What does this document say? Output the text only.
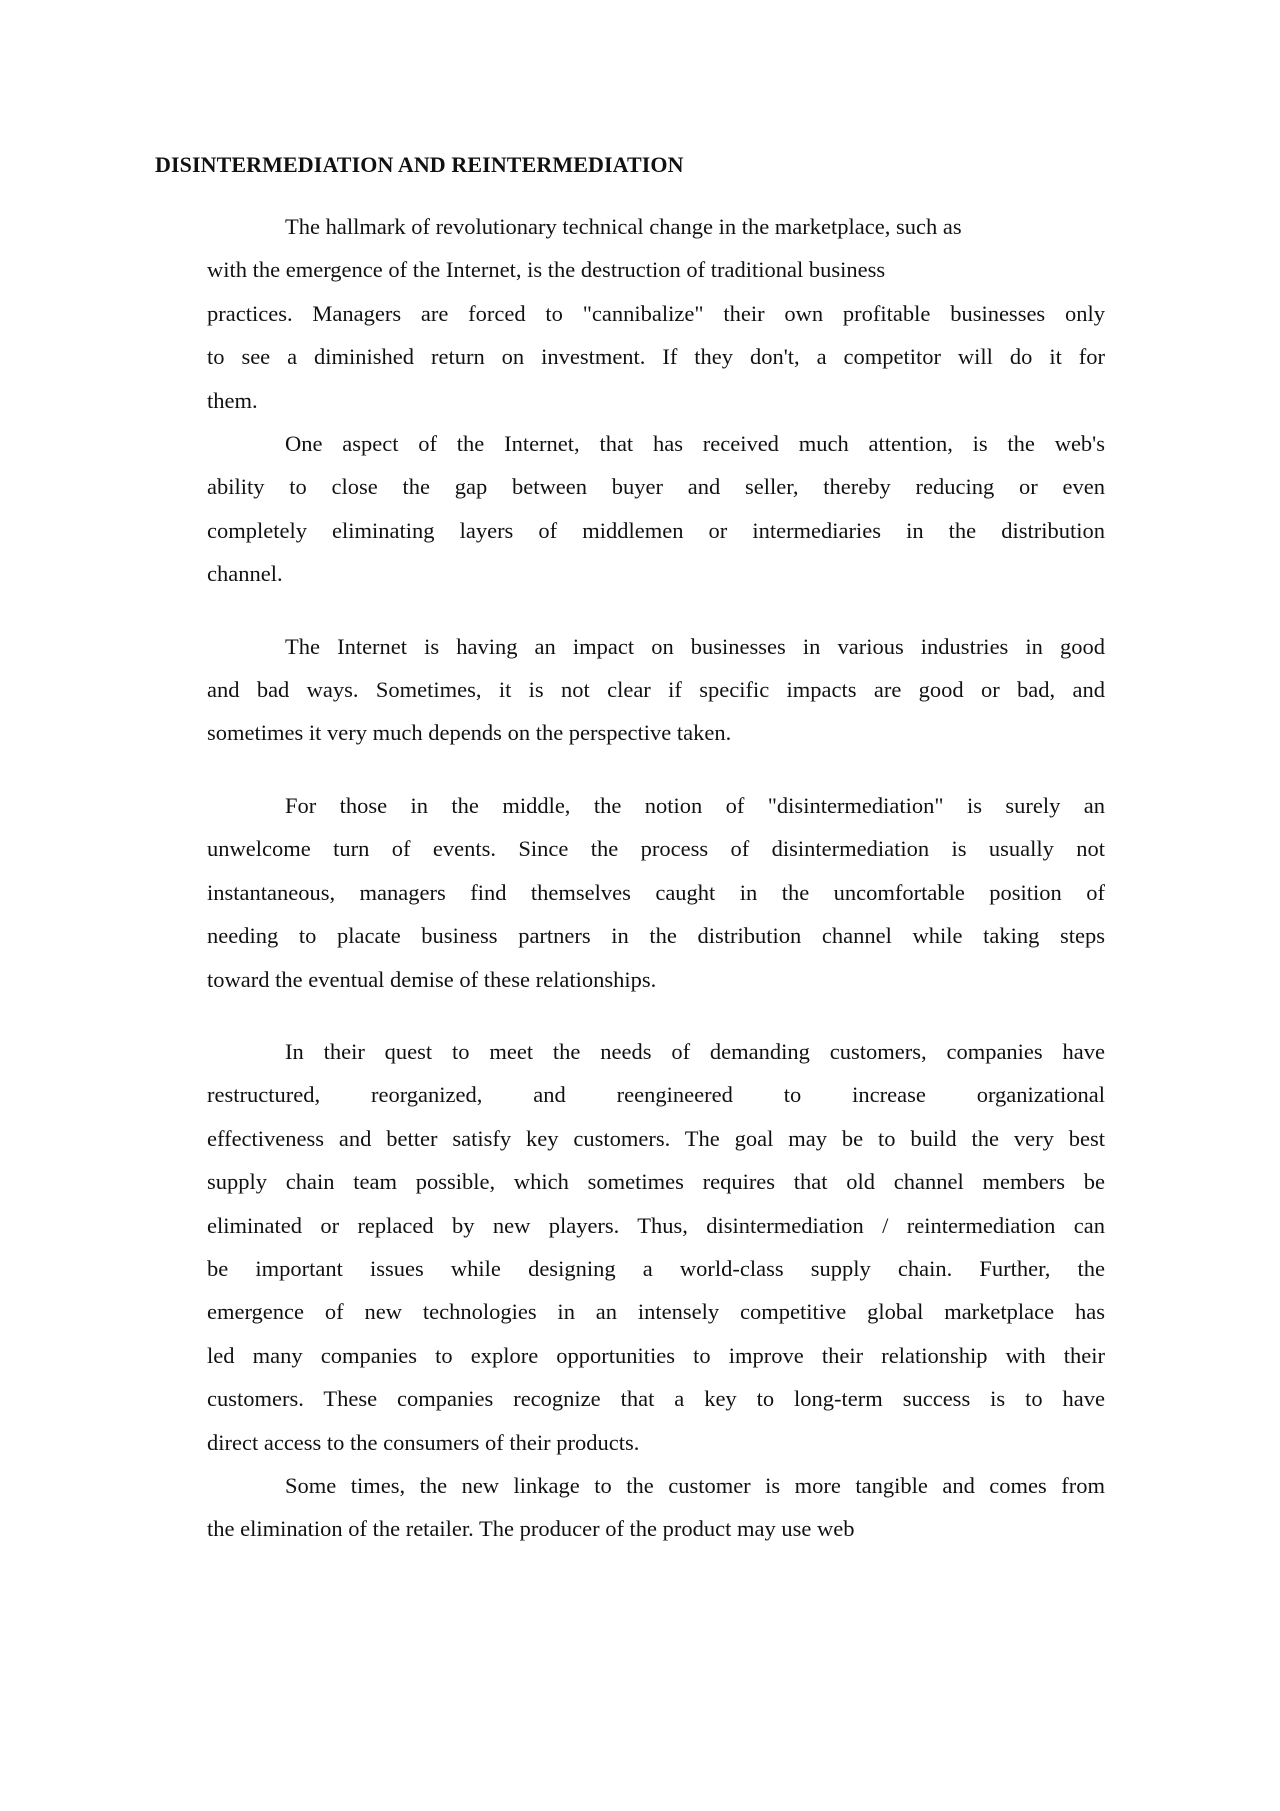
DISINTERMEDIATION AND REINTERMEDIATION
The hallmark of revolutionary technical change in the marketplace, such as
with the emergence of the Internet, is the destruction of traditional business
practices. Managers are forced to "cannibalize" their own profitable businesses only
to see a diminished return on investment. If they don't, a competitor will do it for
them.
One aspect of the Internet, that has received much attention, is the web's
ability to close the gap between buyer and seller, thereby reducing or even
completely eliminating layers of middlemen or intermediaries in the distribution
channel.
The Internet is having an impact on businesses in various industries in good
and bad ways. Sometimes, it is not clear if specific impacts are good or bad, and
sometimes it very much depends on the perspective taken.
For those in the middle, the notion of "disintermediation" is surely an
unwelcome turn of events. Since the process of disintermediation is usually not
instantaneous, managers find themselves caught in the uncomfortable position of
needing to placate business partners in the distribution channel while taking steps
toward the eventual demise of these relationships.
In their quest to meet the needs of demanding customers, companies have
restructured, reorganized, and reengineered to increase organizational
effectiveness and better satisfy key customers. The goal may be to build the very best
supply chain team possible, which sometimes requires that old channel members be
eliminated or replaced by new players. Thus, disintermediation / reintermediation can
be important issues while designing a world-class supply chain. Further, the
emergence of new technologies in an intensely competitive global marketplace has
led many companies to explore opportunities to improve their relationship with their
customers. These companies recognize that a key to long-term success is to have
direct access to the consumers of their products.
Some times, the new linkage to the customer is more tangible and comes from
the elimination of the retailer. The producer of the product may use web
